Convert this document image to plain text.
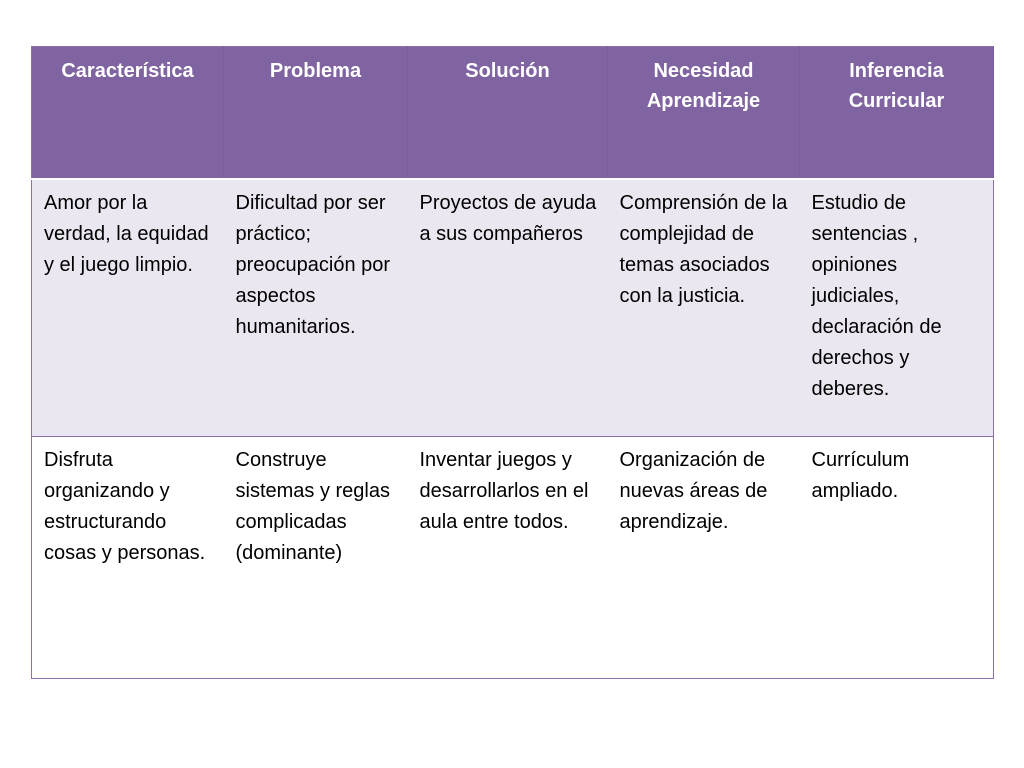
Característica	Problema	Solución	Necesidad Aprendizaje	Inferencia Curricular
Amor por la verdad, la equidad y el juego limpio.	Dificultad por ser práctico; preocupación por aspectos humanitarios.	Proyectos de ayuda a sus compañeros	Comprensión de la complejidad de temas asociados con la justicia.	Estudio de sentencias , opiniones judiciales, declaración de derechos y deberes.
Disfruta organizando y estructurando cosas y personas.	Construye sistemas y reglas complicadas (dominante)	Inventar juegos y desarrollarlos en el aula entre todos.	Organización de nuevas áreas de aprendizaje.	Currículum ampliado.
